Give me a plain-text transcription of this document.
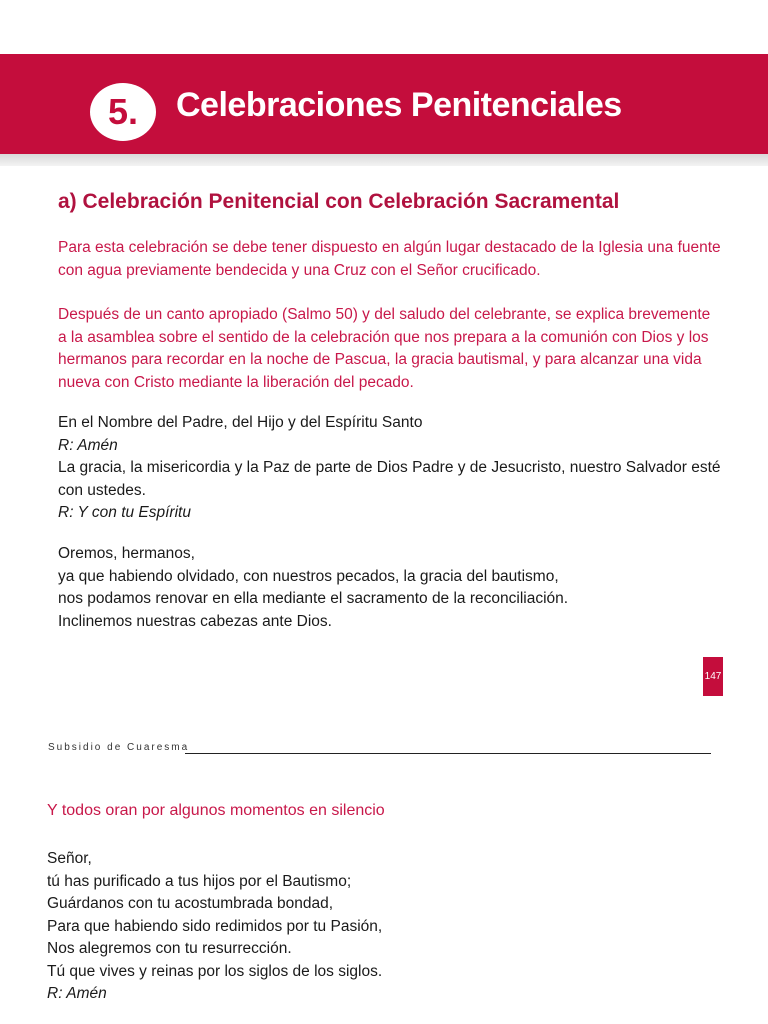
5. Celebraciones Penitenciales
a) Celebración Penitencial con Celebración Sacramental

Para esta celebración se debe tener dispuesto en algún lugar destacado de la Iglesia una fuente
con agua previamente bendecida y una Cruz con el Señor crucificado.

Después de un canto apropiado (Salmo 50) y del saludo del celebrante, se explica brevemente
a la asamblea sobre el sentido de la celebración que nos prepara a la comunión con Dios y los
hermanos para recordar en la noche de Pascua, la gracia bautismal, y para alcanzar una vida
nueva con Cristo mediante la liberación del pecado.

En el Nombre del Padre, del Hijo y del Espíritu Santo
R: Amén
La gracia, la misericordia y la Paz de parte de Dios Padre y de Jesucristo, nuestro Salvador esté
con ustedes.
R: Y con tu Espíritu

Oremos, hermanos,
ya que habiendo olvidado, con nuestros pecados, la gracia del bautismo,
nos podamos renovar en ella mediante el sacramento de la reconciliación.
Inclinemos nuestras cabezas ante Dios.

147
Subsidio de Cuaresma
Y todos oran por algunos momentos en silencio

Señor,
tú has purificado a tus hijos por el Bautismo;
Guárdanos con tu acostumbrada bondad,
Para que habiendo sido redimidos por tu Pasión,
Nos alegremos con tu resurrección.
Tú que vives y reinas por los siglos de los siglos.
R: Amén
